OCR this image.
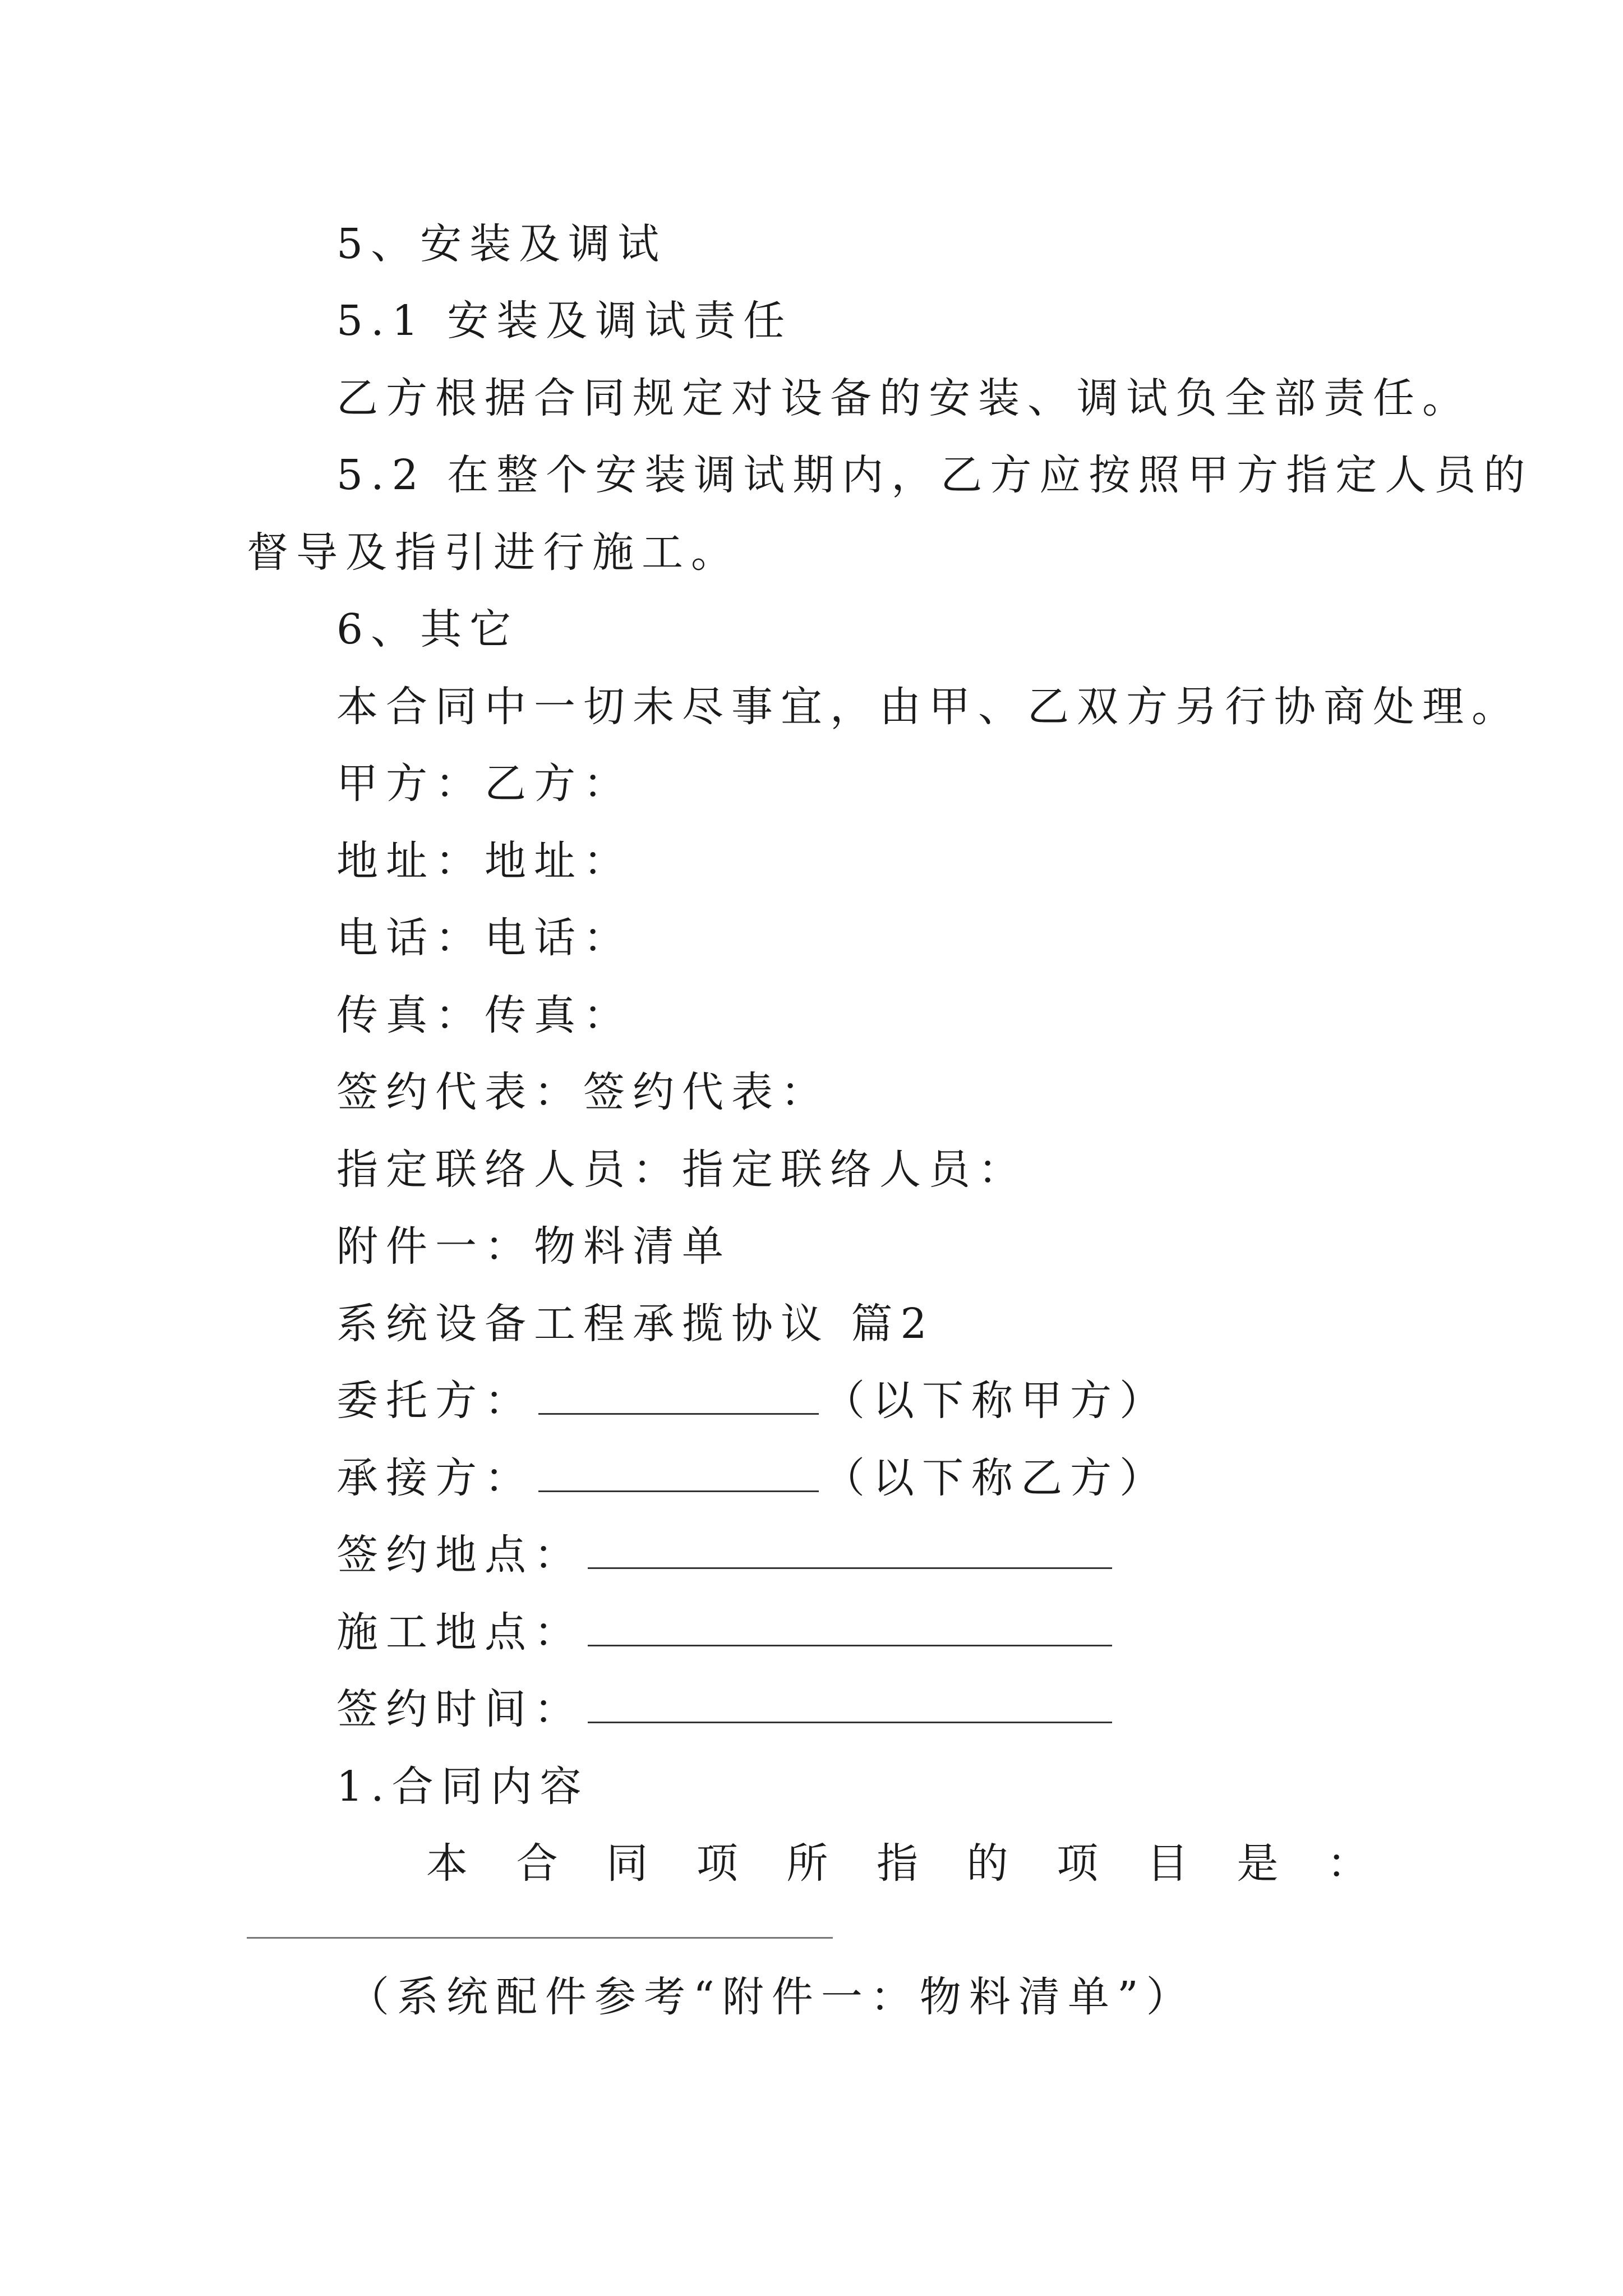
5、安装及调试
5.1 安装及调试责任
乙方根据合同规定对设备的安装、调试负全部责任。
5.2 在整个安装调试期内，乙方应按照甲方指定人员的
督导及指引进行施工。
6、其它
本合同中一切未尽事宜，由甲、乙双方另行协商处理。
甲方：乙方：
地址：地址：
电话：电话：
传真：传真：
签约代表：签约代表：
指定联络人员：指定联络人员：
附件一：物料清单
系统设备工程承揽协议 篇2
委托方：	（以下称甲方）
承接方：	（以下称乙方）
签约地点：
施工地点：
签约时间：
1.合同内容
本 合 同 项 所 指 的 项 目 是 ：
（系统配件参考“附件一：物料清单”）
